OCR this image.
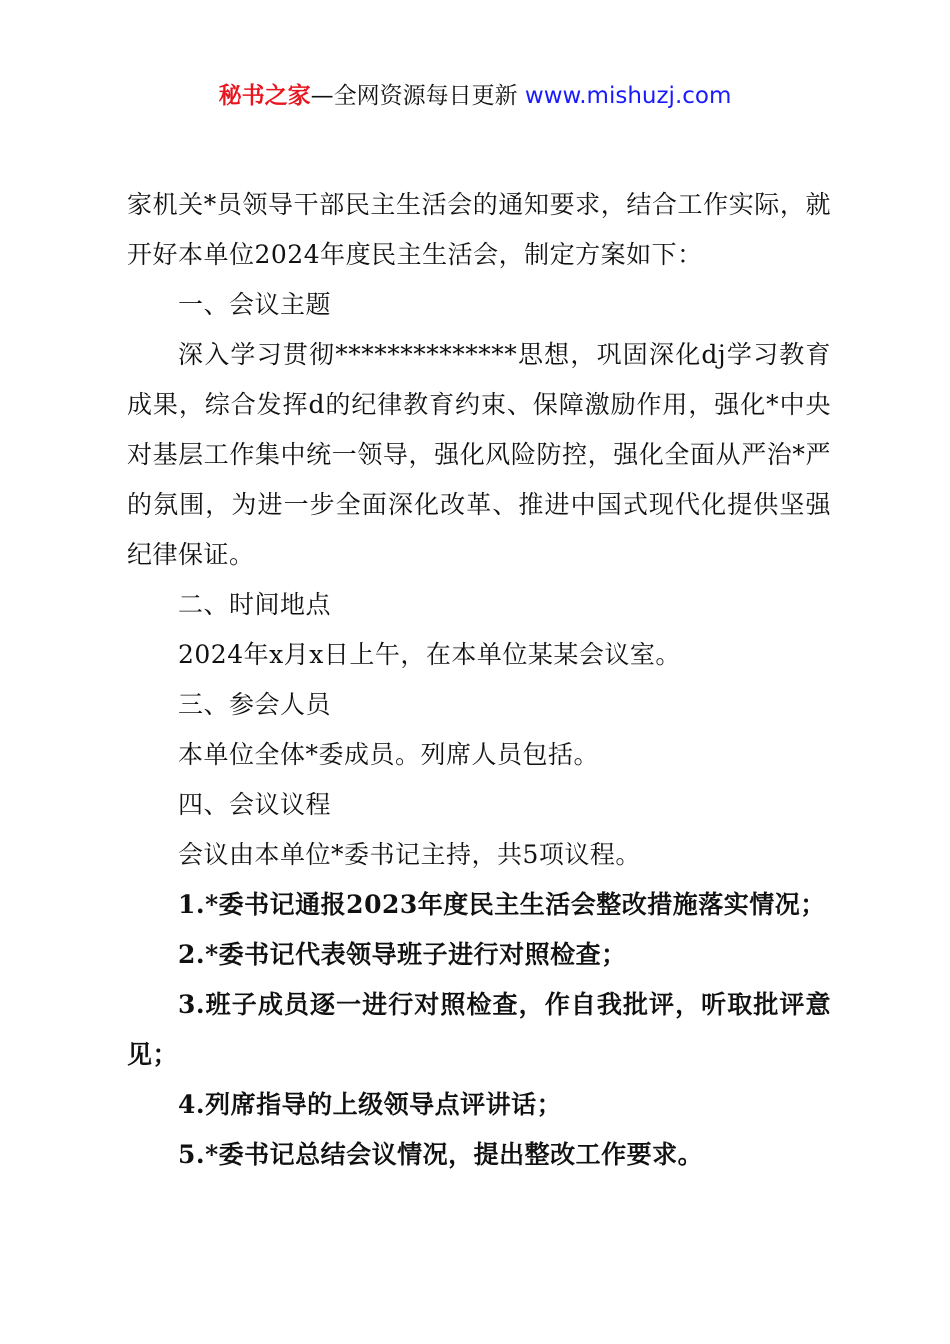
秘书之家—全网资源每日更新 www.mishuzj.com

家机关*员领导干部民主生活会的通知要求，结合工作实际，就开好本单位2024年度民主生活会，制定方案如下：

一、会议主题

深入学习贯彻**************思想，巩固深化dj学习教育成果，综合发挥d的纪律教育约束、保障激励作用，强化*中央对基层工作集中统一领导，强化风险防控，强化全面从严治*严的氛围，为进一步全面深化改革、推进中国式现代化提供坚强纪律保证。

二、时间地点

2024年x月x日上午，在本单位某某会议室。

三、参会人员

本单位全体*委成员。列席人员包括。

四、会议议程

会议由本单位*委书记主持，共5项议程。

1.*委书记通报2023年度民主生活会整改措施落实情况；

2.*委书记代表领导班子进行对照检查；

3.班子成员逐一进行对照检查，作自我批评，听取批评意见；

4.列席指导的上级领导点评讲话；

5.*委书记总结会议情况，提出整改工作要求。
